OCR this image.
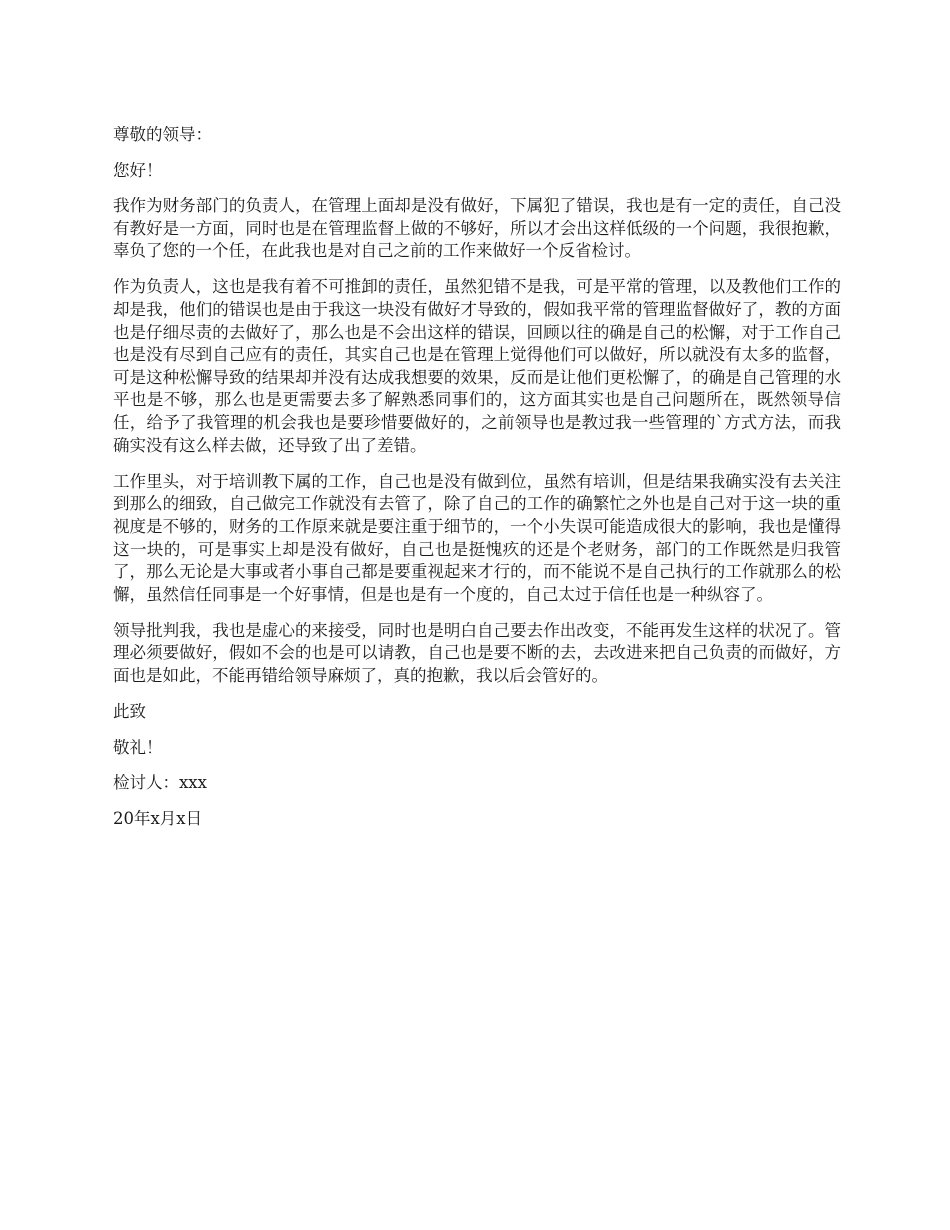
尊敬的领导：

您好！

我作为财务部门的负责人，在管理上面却是没有做好，下属犯了错误，我也是有一定的责任，自己没有教好是一方面，同时也是在管理监督上做的不够好，所以才会出这样低级的一个问题，我很抱歉，辜负了您的一个任，在此我也是对自己之前的工作来做好一个反省检讨。

作为负责人，这也是我有着不可推卸的责任，虽然犯错不是我，可是平常的管理，以及教他们工作的却是我，他们的错误也是由于我这一块没有做好才导致的，假如我平常的管理监督做好了，教的方面也是仔细尽责的去做好了，那么也是不会出这样的错误，回顾以往的确是自己的松懈，对于工作自己也是没有尽到自己应有的责任，其实自己也是在管理上觉得他们可以做好，所以就没有太多的监督，可是这种松懈导致的结果却并没有达成我想要的效果，反而是让他们更松懈了，的确是自己管理的水平也是不够，那么也是更需要去多了解熟悉同事们的，这方面其实也是自己问题所在，既然领导信任，给予了我管理的机会我也是要珍惜要做好的，之前领导也是教过我一些管理的`方式方法，而我确实没有这么样去做，还导致了出了差错。

工作里头，对于培训教下属的工作，自己也是没有做到位，虽然有培训，但是结果我确实没有去关注到那么的细致，自己做完工作就没有去管了，除了自己的工作的确繁忙之外也是自己对于这一块的重视度是不够的，财务的工作原来就是要注重于细节的，一个小失误可能造成很大的影响，我也是懂得这一块的，可是事实上却是没有做好，自己也是挺愧疚的还是个老财务，部门的工作既然是归我管了，那么无论是大事或者小事自己都是要重视起来才行的，而不能说不是自己执行的工作就那么的松懈，虽然信任同事是一个好事情，但是也是有一个度的，自己太过于信任也是一种纵容了。

领导批判我，我也是虚心的来接受，同时也是明白自己要去作出改变，不能再发生这样的状况了。管理必须要做好，假如不会的也是可以请教，自己也是要不断的去，去改进来把自己负责的而做好，方面也是如此，不能再错给领导麻烦了，真的抱歉，我以后会管好的。

此致

敬礼！

检讨人：xxx

20年x月x日
